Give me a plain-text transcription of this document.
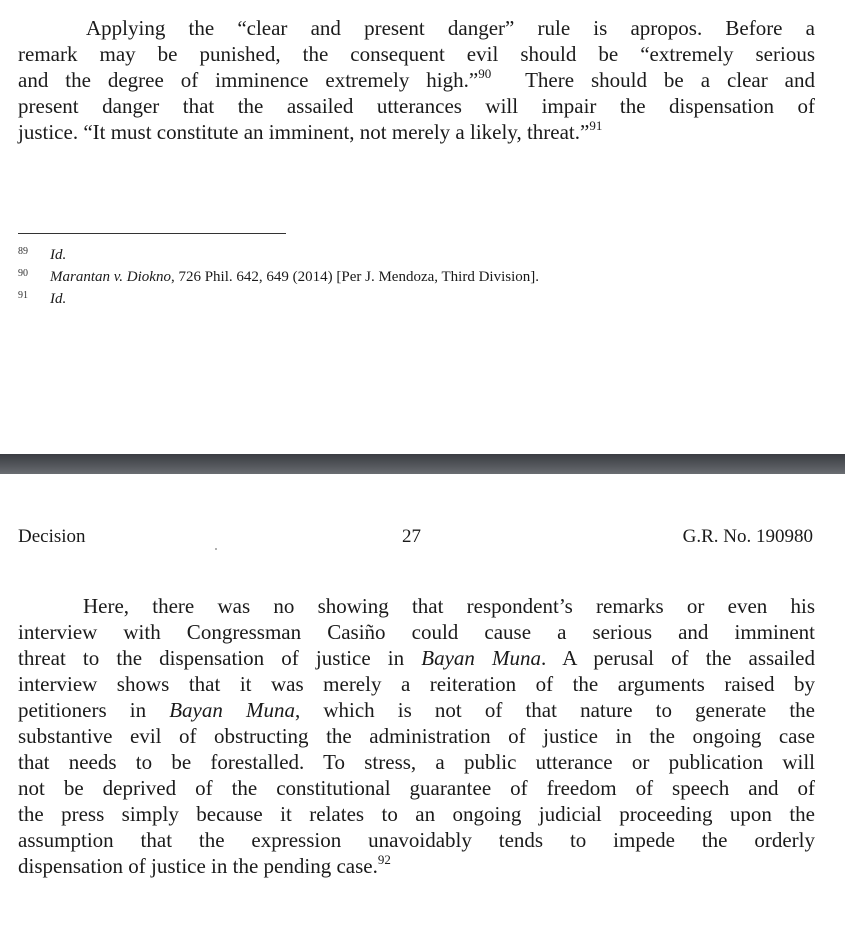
Applying the “clear and present danger” rule is apropos. Before a
remark may be punished, the consequent evil should be “extremely serious
and the degree of imminence extremely high.”$^{90}$ There should be a clear and
present danger that the assailed utterances will impair the dispensation of
justice. “It must constitute an imminent, not merely a likely, threat.”$^{91}$
89	Id.
90	Marantan v. Diokno, 726 Phil. 642, 649 (2014) [Per J. Mendoza, Third Division].
91	Id.
Decision	27	G.R. No. 190980
Here, there was no showing that respondent’s remarks or even his
interview with Congressman Casiño could cause a serious and imminent
threat to the dispensation of justice in Bayan Muna. A perusal of the assailed
interview shows that it was merely a reiteration of the arguments raised by
petitioners in Bayan Muna, which is not of that nature to generate the
substantive evil of obstructing the administration of justice in the ongoing case
that needs to be forestalled. To stress, a public utterance or publication will
not be deprived of the constitutional guarantee of freedom of speech and of
the press simply because it relates to an ongoing judicial proceeding upon the
assumption that the expression unavoidably tends to impede the orderly
dispensation of justice in the pending case.$^{92}$
